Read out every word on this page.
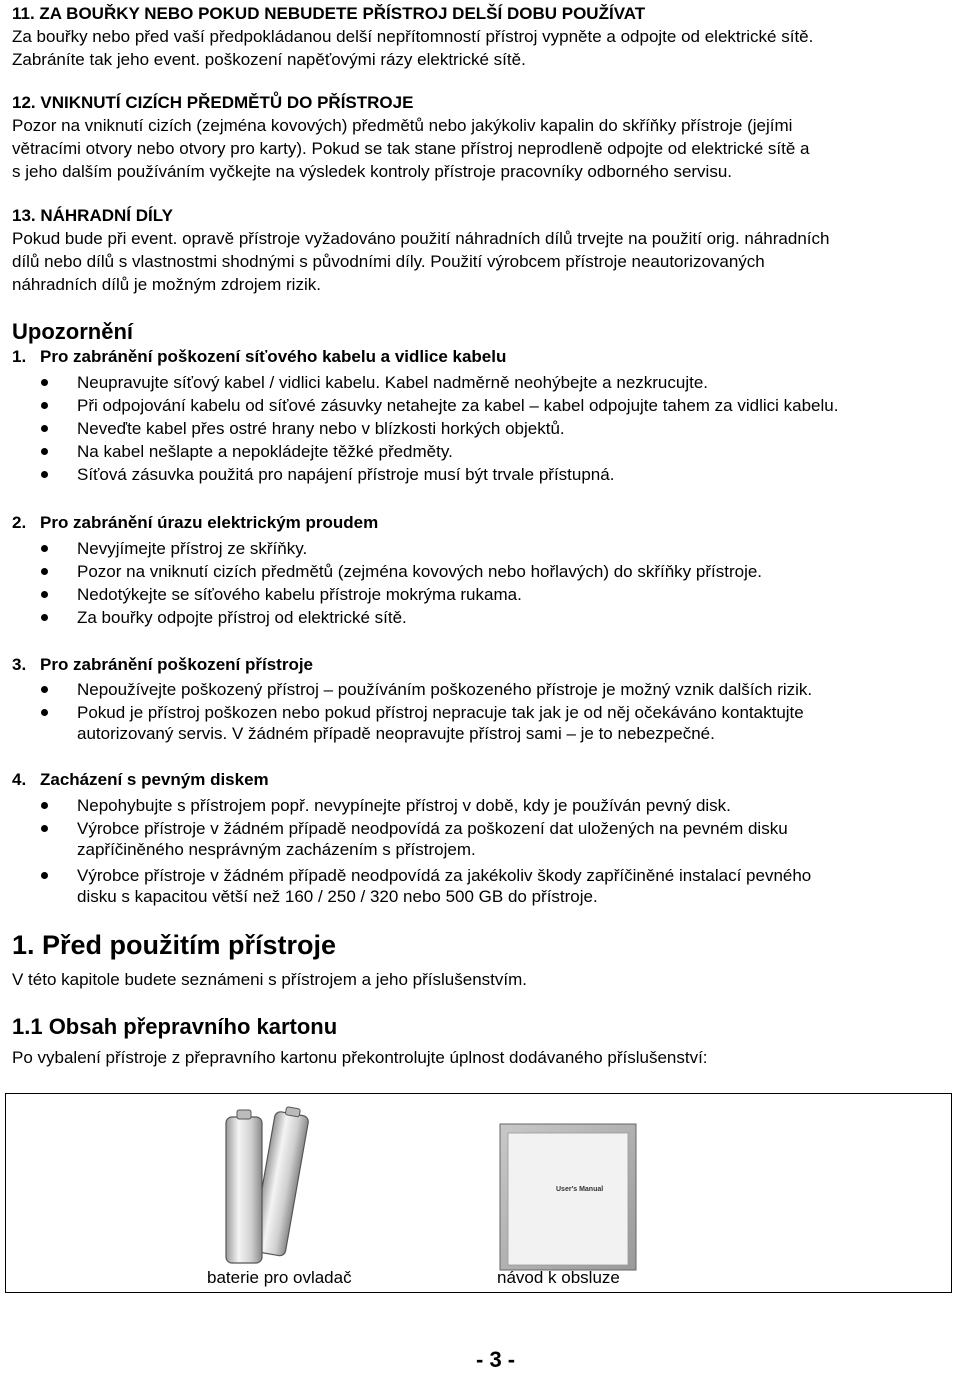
11. ZA BOUŘKY NEBO POKUD NEBUDETE PŘÍSTROJ DELŠÍ DOBU POUŽÍVAT
Za bouřky nebo před vaší předpokládanou delší nepřítomností přístroj vypněte a odpojte od elektrické sítě.
Zabráníte tak jeho event. poškození napěťovými rázy elektrické sítě.
12. VNIKNUTÍ CIZÍCH PŘEDMĚTŮ DO PŘÍSTROJE
Pozor na vniknutí cizích (zejména kovových) předmětů nebo jakýkoliv kapalin do skříňky přístroje (jejími
větracími otvory nebo otvory pro karty). Pokud se tak stane přístroj neprodleně odpojte od elektrické sítě a
s jeho dalším používáním vyčkejte na výsledek kontroly přístroje pracovníky odborného servisu.
13. NÁHRADNÍ DÍLY
Pokud bude při event. opravě přístroje vyžadováno použití náhradních dílů trvejte na použití orig. náhradních
dílů nebo dílů s vlastnostmi shodnými s původními díly. Použití výrobcem přístroje neautorizovaných
náhradních dílů je možným zdrojem rizik.
Upozornění
1. Pro zabránění poškození síťového kabelu a vidlice kabelu
Neupravujte síťový kabel / vidlici kabelu. Kabel nadměrně neohýbejte a nezkrucujte.
Při odpojování kabelu od síťové zásuvky netahejte za kabel – kabel odpojujte tahem za vidlici kabelu.
Neveďte kabel přes ostré hrany nebo v blízkosti horkých objektů.
Na kabel nešlapte a nepokládejte těžké předměty.
Síťová zásuvka použitá pro napájení přístroje musí být trvale přístupná.
2. Pro zabránění úrazu elektrickým proudem
Nevyjímejte přístroj ze skříňky.
Pozor na vniknutí cizích předmětů (zejména kovových nebo hořlavých) do skříňky přístroje.
Nedotýkejte se síťového kabelu přístroje mokrýma rukama.
Za bouřky odpojte přístroj od elektrické sítě.
3. Pro zabránění poškození přístroje
Nepoužívejte poškozený přístroj – používáním poškozeného přístroje je možný vznik dalších rizik.
Pokud je přístroj poškozen nebo pokud přístroj nepracuje tak jak je od něj očekáváno kontaktujte
autorizovaný servis. V žádném případě neopravujte přístroj sami – je to nebezpečné.
4. Zacházení s pevným diskem
Nepohybujte s přístrojem popř. nevypínejte přístroj v době, kdy je používán pevný disk.
Výrobce přístroje v žádném případě neodpovídá za poškození dat uložených na pevném disku
zapříčiněného nesprávným zacházením s přístrojem.
Výrobce přístroje v žádném případě neodpovídá za jakékoliv škody zapříčiněné instalací pevného
disku s kapacitou větší než 160 / 250 / 320 nebo 500 GB do přístroje.
1. Před použitím přístroje
V této kapitole budete seznámeni s přístrojem a jeho příslušenstvím.
1.1 Obsah přepravního kartonu
Po vybalení přístroje z přepravního kartonu překontrolujte úplnost dodávaného příslušenství:
User's Manual
baterie pro ovladač	návod k obsluze
- 3 -
